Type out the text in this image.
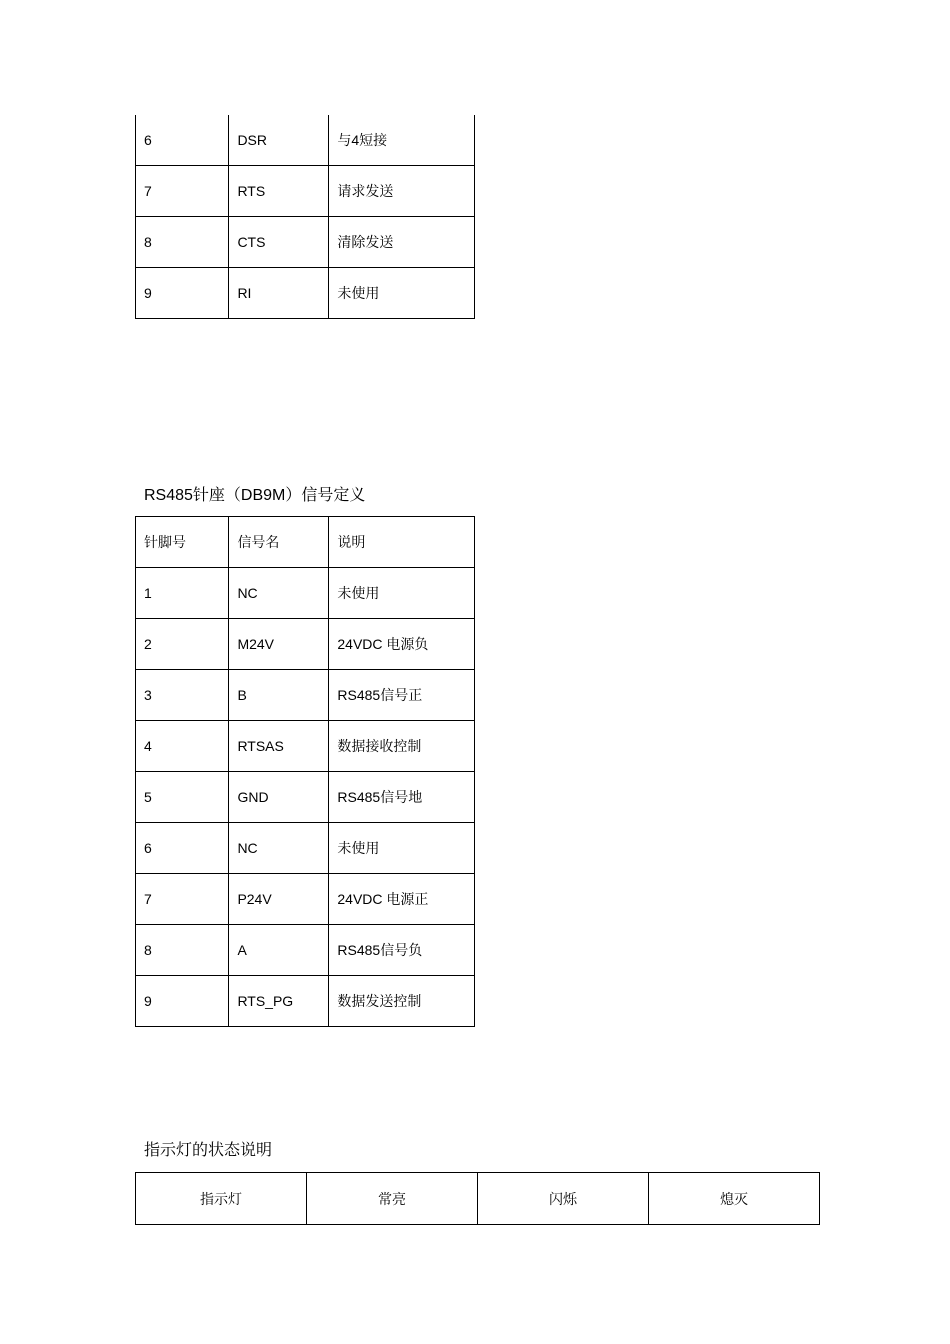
6	DSR	与4短接
7	RTS	请求发送
8	CTS	清除发送
9	RI	未使用
RS485针座（DB9M）信号定义
针脚号	信号名	说明
1	NC	未使用
2	M24V	24VDC 电源负
3	B	RS485信号正
4	RTSAS	数据接收控制
5	GND	RS485信号地
6	NC	未使用
7	P24V	24VDC 电源正
8	A	RS485信号负
9	RTS_PG	数据发送控制
指示灯的状态说明
指示灯	常亮	闪烁	熄灭
